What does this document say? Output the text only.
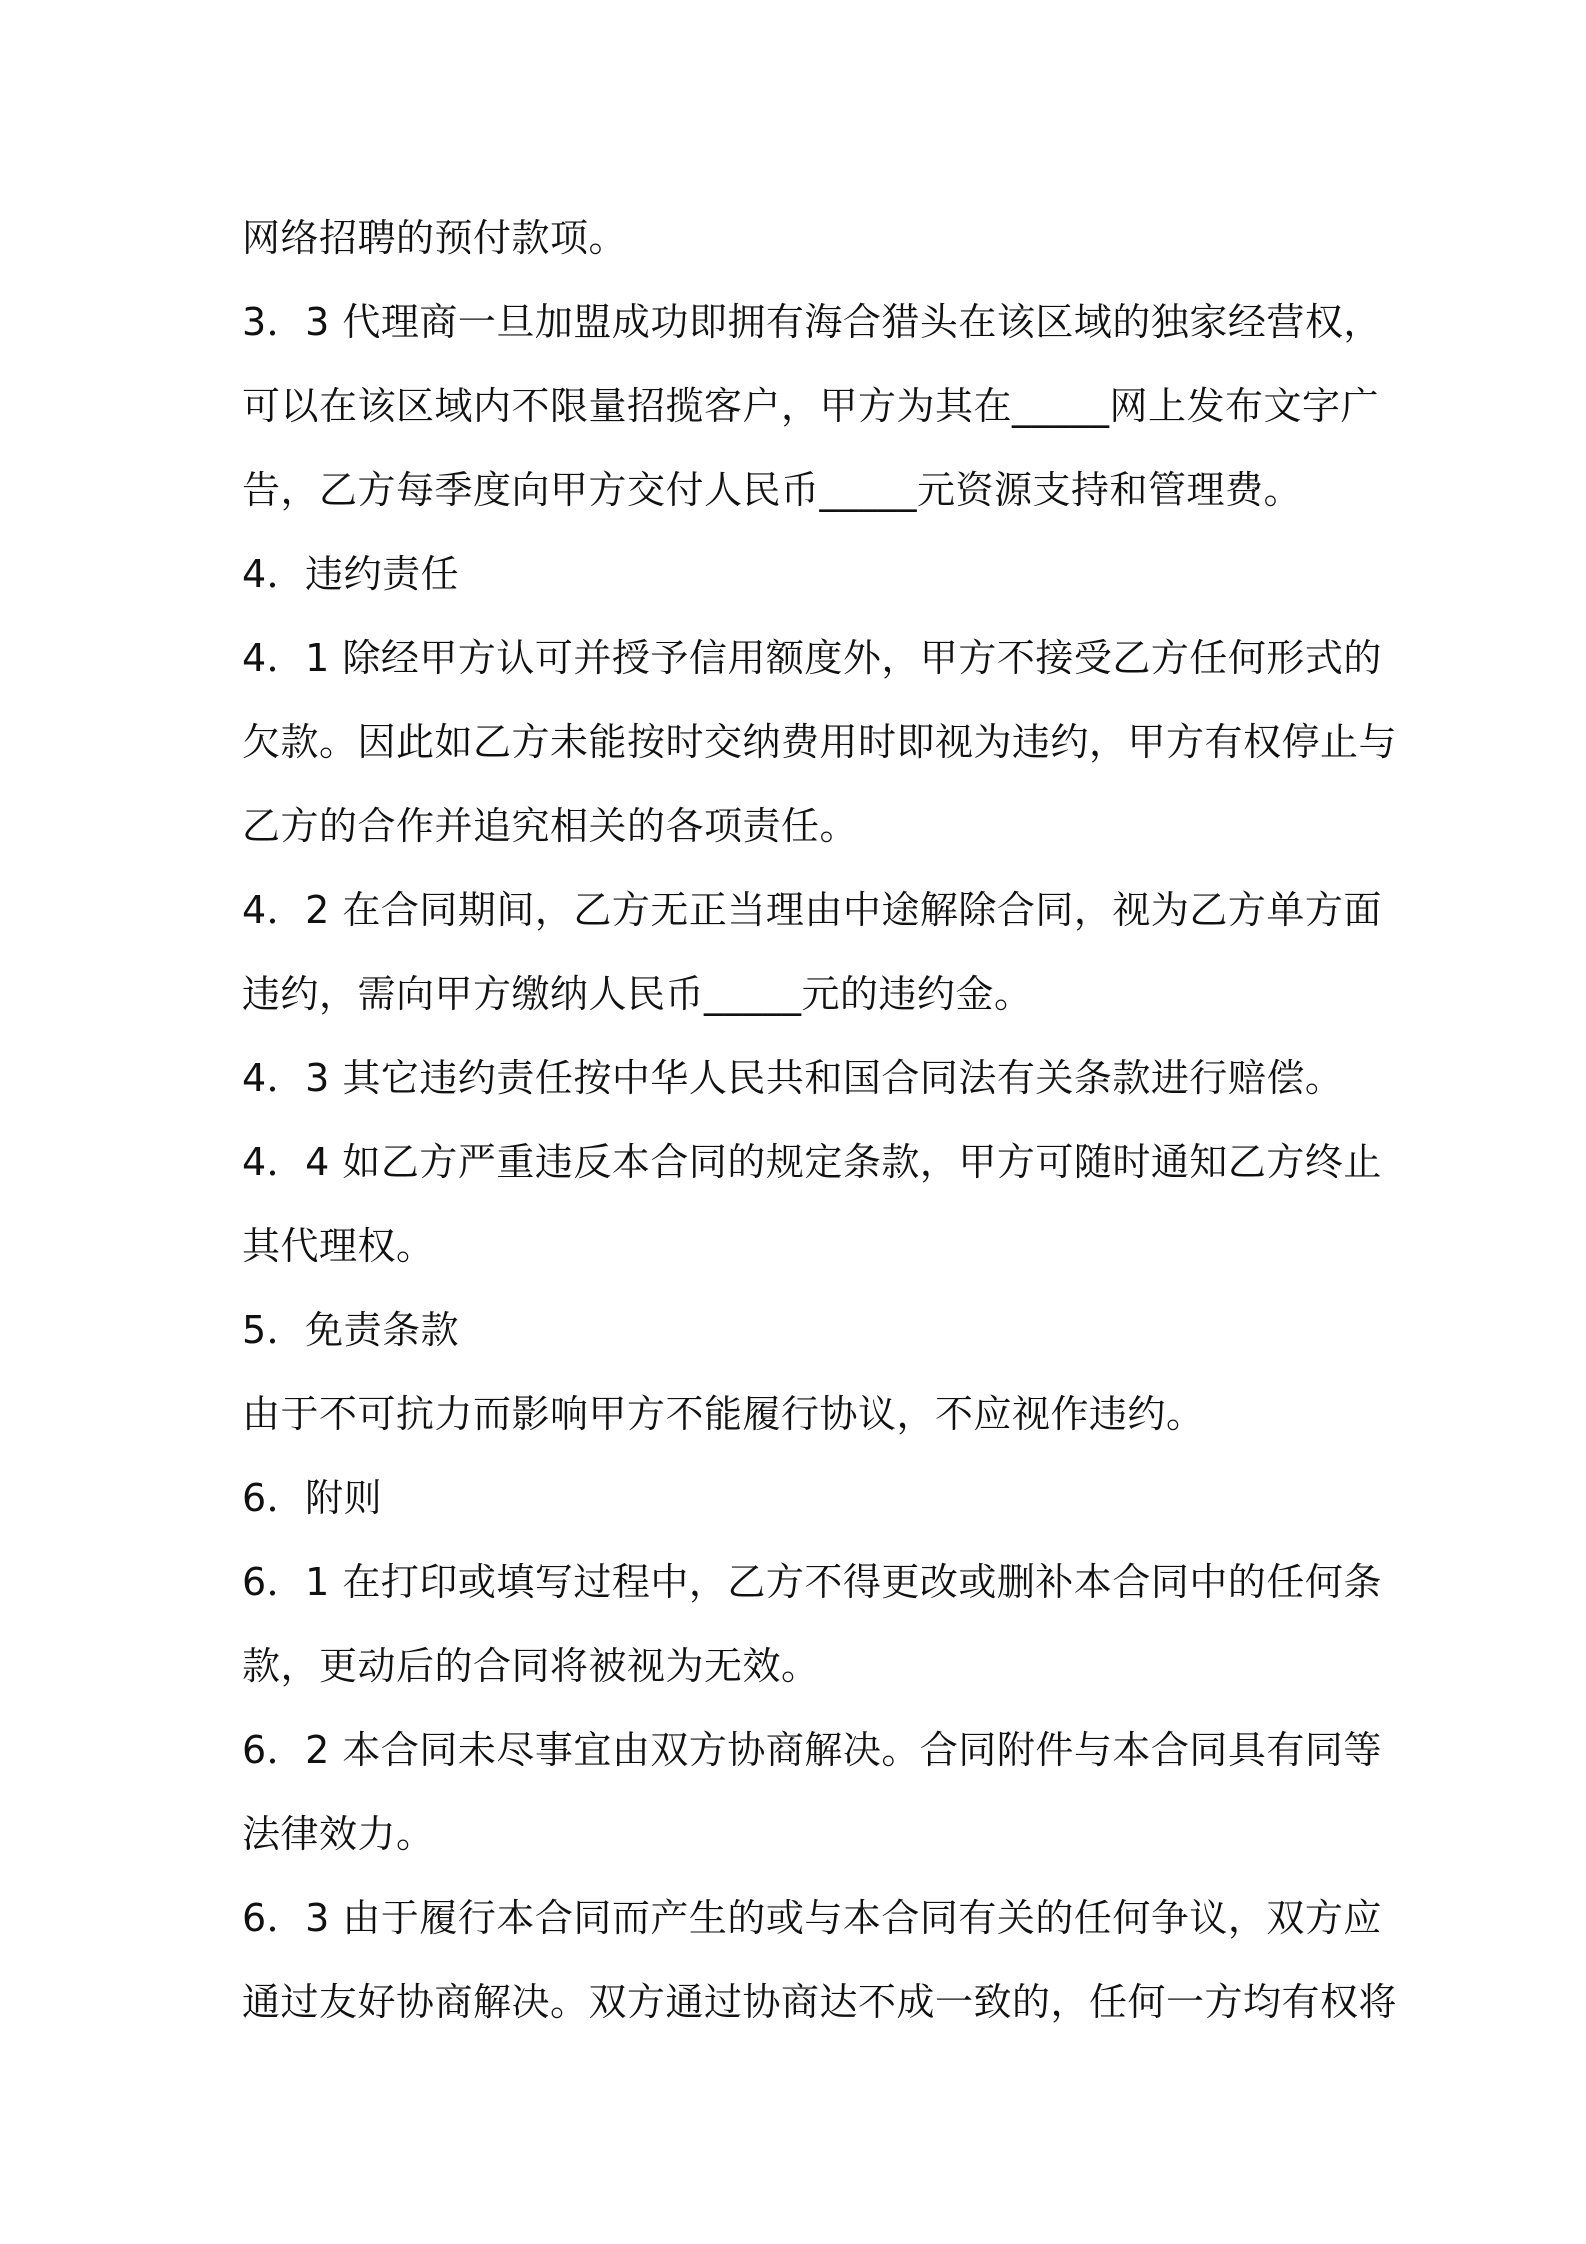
网络招聘的预付款项。
3．3 代理商一旦加盟成功即拥有海合猎头在该区域的独家经营权，
可以在该区域内不限量招揽客户，甲方为其在_____网上发布文字广
告，乙方每季度向甲方交付人民币_____元资源支持和管理费。
4．违约责任
4．1 除经甲方认可并授予信用额度外，甲方不接受乙方任何形式的
欠款。因此如乙方未能按时交纳费用时即视为违约，甲方有权停止与
乙方的合作并追究相关的各项责任。
4．2 在合同期间，乙方无正当理由中途解除合同，视为乙方单方面
违约，需向甲方缴纳人民币_____元的违约金。
4．3 其它违约责任按中华人民共和国合同法有关条款进行赔偿。
4．4 如乙方严重违反本合同的规定条款，甲方可随时通知乙方终止
其代理权。
5．免责条款
由于不可抗力而影响甲方不能履行协议，不应视作违约。
6．附则
6．1 在打印或填写过程中，乙方不得更改或删补本合同中的任何条
款，更动后的合同将被视为无效。
6．2 本合同未尽事宜由双方协商解决。合同附件与本合同具有同等
法律效力。
6．3 由于履行本合同而产生的或与本合同有关的任何争议，双方应
通过友好协商解决。双方通过协商达不成一致的，任何一方均有权将
